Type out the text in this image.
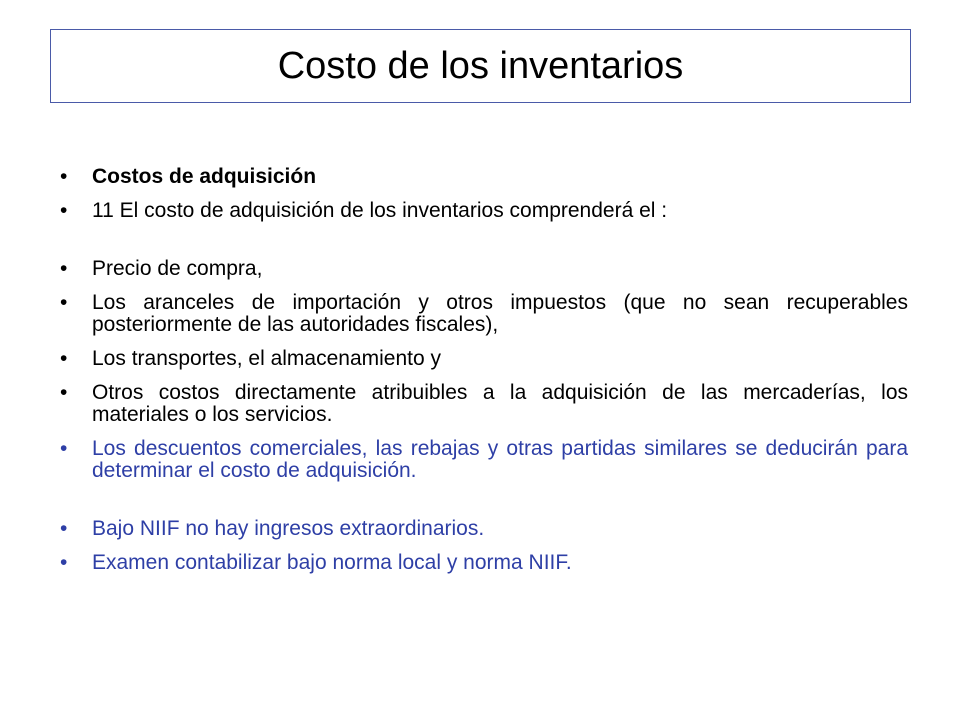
Costo de los inventarios
•	Costos de adquisición
•	11 El costo de adquisición de los inventarios comprenderá el :
•	Precio de compra,
•	Los aranceles de importación y otros impuestos (que no sean recuperables posteriormente de las autoridades fiscales),
•	Los transportes, el almacenamiento y
•	Otros costos directamente atribuibles a la adquisición de las mercaderías, los materiales o los servicios.
•	Los descuentos comerciales, las rebajas y otras partidas similares se deducirán para determinar el costo de adquisición.
•	Bajo NIIF no hay ingresos extraordinarios.
•	Examen contabilizar bajo norma local y norma NIIF.
